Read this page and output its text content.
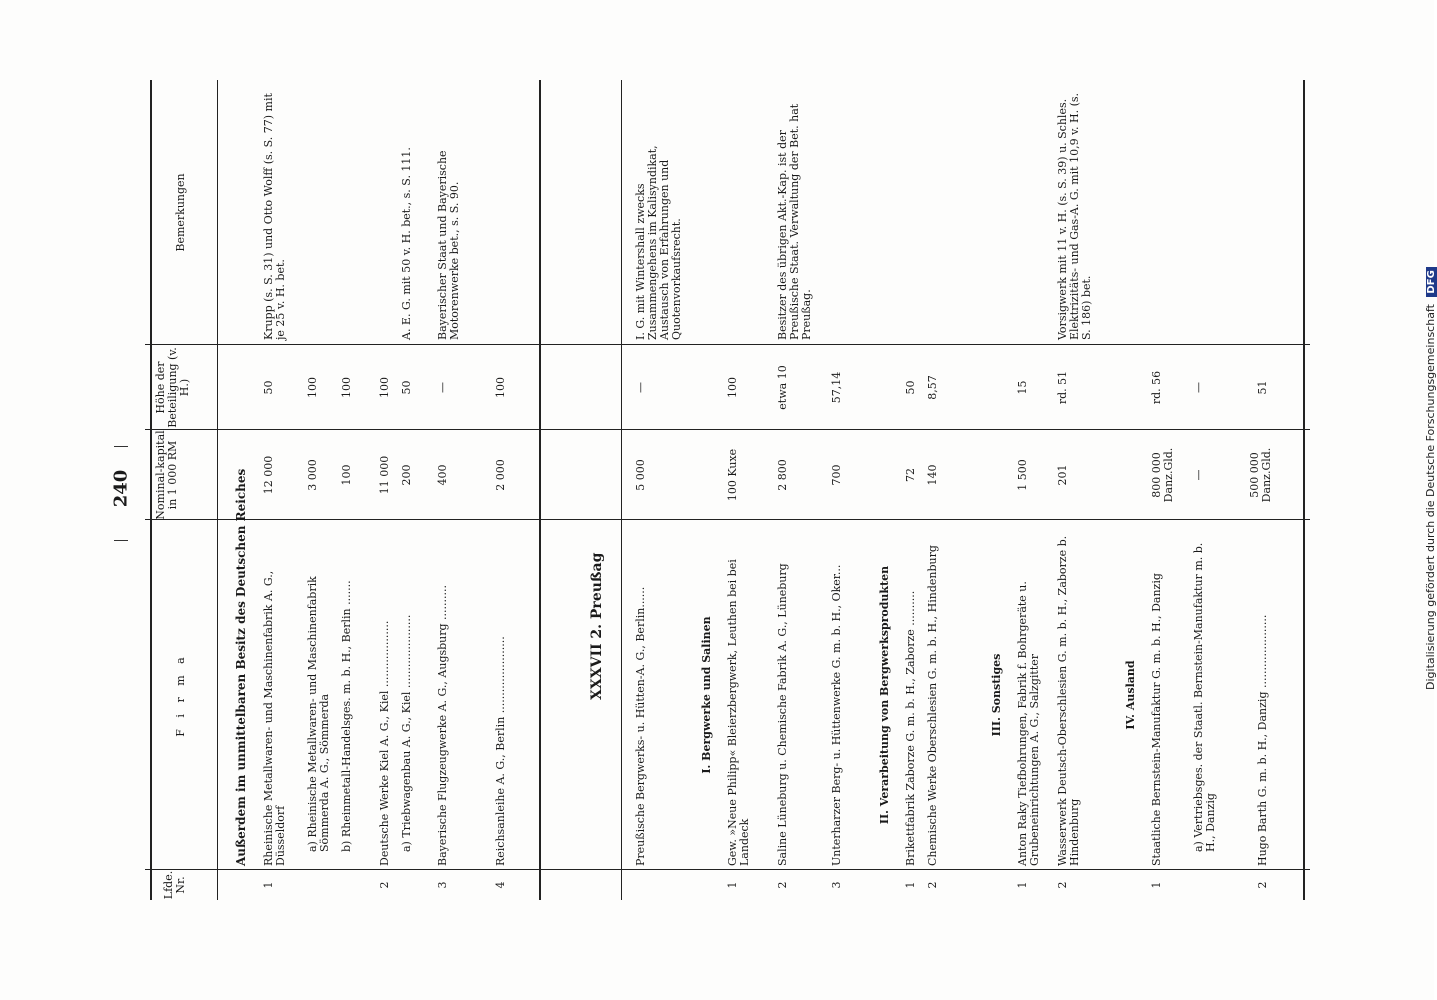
240
Lfde. Nr.
F i r m a
Nominal-kapital in 1 000 RM
Höhe der Beteiligung (v. H.)
Bemerkungen
Außerdem im unmittelbaren Besitz des Deutschen Reiches
1
Rheinische Metallwaren- und Maschinenfabrik A. G., Düsseldorf
12 000
50
Krupp (s. S. 31) und Otto Wolff (s. S. 77) mit je 25 v. H. bet.
a) Rheinische Metallwaren- und Maschinenfabrik Sömmerda A. G., Sömmerda
3 000
100
b) Rheinmetall-Handelsges. m. b. H., Berlin .......
100
100
2
Deutsche Werke Kiel A. G., Kiel ...................
11 000
100
a) Triebwagenbau A. G., Kiel .....................
200
50
A. E. G. mit 50 v. H. bet., s. S. 111.
3
Bayerische Flugzeugwerke A. G., Augsburg ..........
400
—
Bayerischer Staat und Bayerische Motorenwerke bet., s. S. 90.
4
Reichsanleihe A. G., Berlin ......................
2 000
100
XXXVII 2. Preußag	Preußische Bergwerks- u. Hütten-A. G., Berlin......
5 000
—
I. G. mit Wintershall zwecks Zusammengehens im Kalisyndikat, Austausch von Erfahrungen und Quotenvorkaufsrecht.
I. Bergwerke und Salinen
1
Gew. »Neue Philipp« Bleierzbergwerk, Leuthen bei bei Landeck
100 Kuxe
100
2
Saline Lüneburg u. Chemische Fabrik A. G., Lüneburg
2 800
etwa 10
Besitzer des übrigen Akt.-Kap. ist der Preußische Staat. Verwaltung der Bet. hat Preußag.
3
Unterharzer Berg- u. Hüttenwerke G. m. b. H., Oker...
700
57,14
II. Verarbeitung von Bergwerksprodukten
1
Brikettfabrik Zaborze G. m. b. H., Zaborze ..........
72
50
2
Chemische Werke Oberschlesien G. m. b. H., Hindenburg
140
8,57
III. Sonstiges
1
Anton Raky Tiefbohrungen, Fabrik f. Bohrgeräte u. Grubeneinrichtungen A. G., Salzgitter
1 500
15
2
Wasserwerk Deutsch-Oberschlesien G. m. b. H., Zaborze b. Hindenburg
201
rd. 51
Vorsigwerk mit 11 v. H. (s. S. 39) u. Schles. Elektrizitäts- und Gas-A. G. mit 10,9 v. H. (s. S. 186) bet.
IV. Ausland
1
Staatliche Bernstein-Manufaktur G. m. b. H., Danzig
800 000 Danz.Gld.
rd. 56
a) Vertriebsges. der Staatl. Bernstein-Manufaktur m. b. H., Danzig
—
—
2
Hugo Barth G. m. b. H., Danzig .....................
500 000 Danz.Gld.
51	Digitalisierung gefördert durch die Deutsche Forschungsgemeinschaft DFG
